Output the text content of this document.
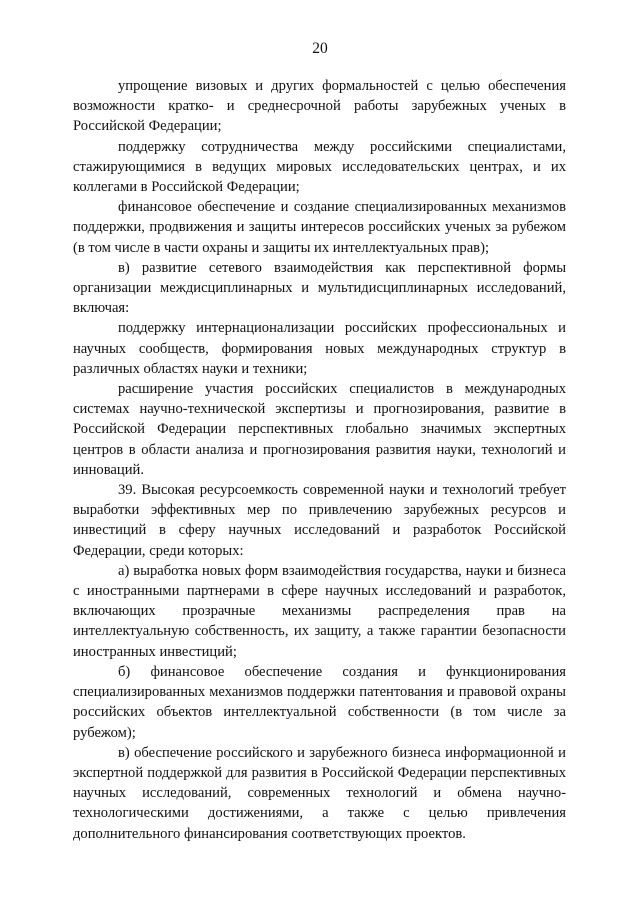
20

упрощение визовых и других формальностей с целью обеспечения возможности кратко- и среднесрочной работы зарубежных ученых в Российской Федерации;

поддержку сотрудничества между российскими специалистами, стажирующимися в ведущих мировых исследовательских центрах, и их коллегами в Российской Федерации;

финансовое обеспечение и создание специализированных механизмов поддержки, продвижения и защиты интересов российских ученых за рубежом (в том числе в части охраны и защиты их интеллектуальных прав);

в) развитие сетевого взаимодействия как перспективной формы организации междисциплинарных и мультидисциплинарных исследований, включая:

поддержку интернационализации российских профессиональных и научных сообществ, формирования новых международных структур в различных областях науки и техники;

расширение участия российских специалистов в международных системах научно-технической экспертизы и прогнозирования, развитие в Российской Федерации перспективных глобально значимых экспертных центров в области анализа и прогнозирования развития науки, технологий и инноваций.

39. Высокая ресурсоемкость современной науки и технологий требует выработки эффективных мер по привлечению зарубежных ресурсов и инвестиций в сферу научных исследований и разработок Российской Федерации, среди которых:

а) выработка новых форм взаимодействия государства, науки и бизнеса с иностранными партнерами в сфере научных исследований и разработок, включающих прозрачные механизмы распределения прав на интеллектуальную собственность, их защиту, а также гарантии безопасности иностранных инвестиций;

б) финансовое обеспечение создания и функционирования специализированных механизмов поддержки патентования и правовой охраны российских объектов интеллектуальной собственности (в том числе за рубежом);

в) обеспечение российского и зарубежного бизнеса информационной и экспертной поддержкой для развития в Российской Федерации перспективных научных исследований, современных технологий и обмена научно-технологическими достижениями, а также с целью привлечения дополнительного финансирования соответствующих проектов.
